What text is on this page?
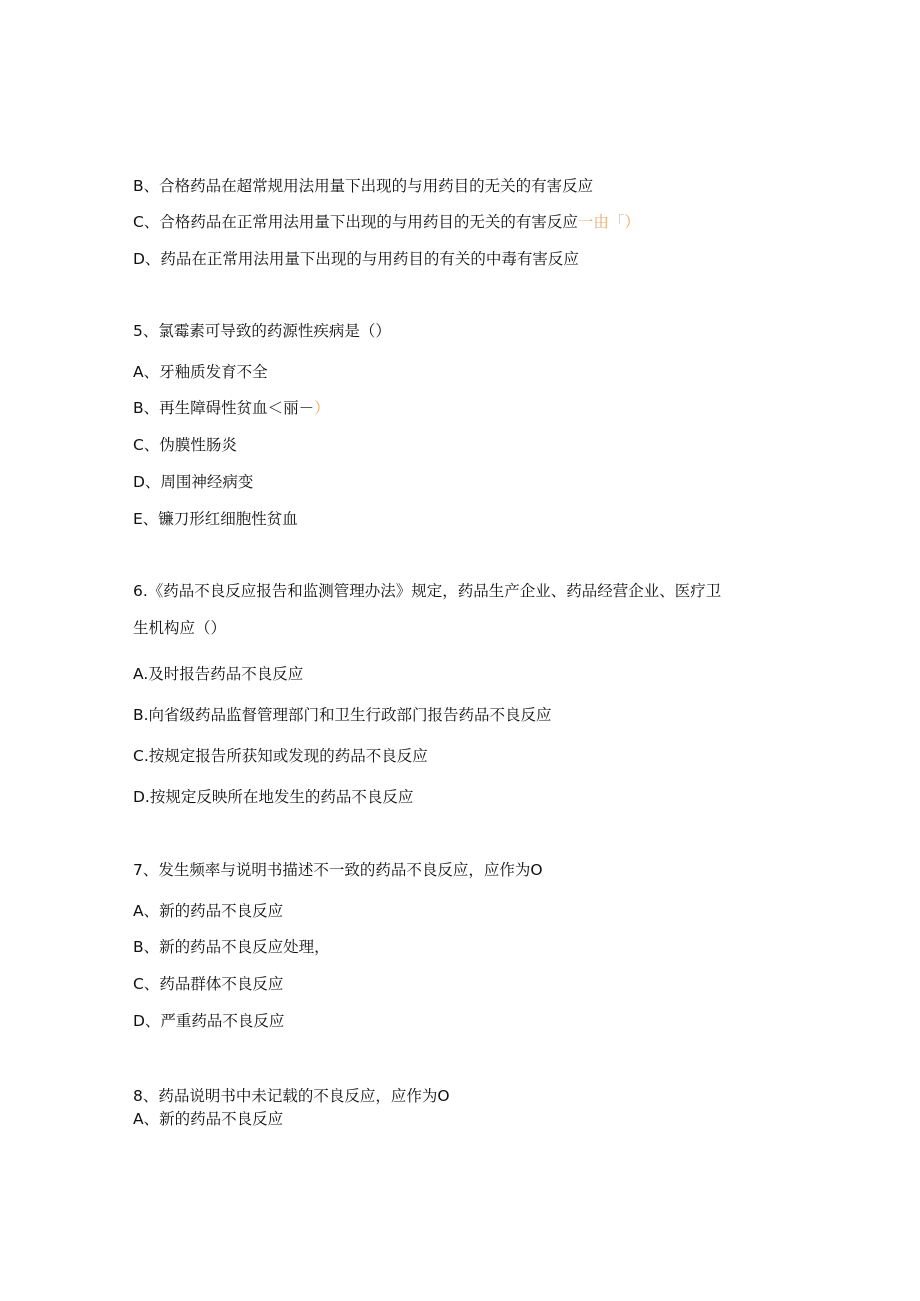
B、合格药品在超常规用法用量下出现的与用药目的无关的有害反应
C、合格药品在正常用法用量下出现的与用药目的无关的有害反应一由「）
D、药品在正常用法用量下出现的与用药目的有关的中毒有害反应
5、氯霉素可导致的药源性疾病是（）
A、牙釉质发育不全
B、再生障碍性贫血＜丽－）
C、伪膜性肠炎
D、周围神经病变
E、镰刀形红细胞性贫血
6.《药品不良反应报告和监测管理办法》规定，药品生产企业、药品经营企业、医疗卫
生机构应（）
A.及时报告药品不良反应
B.向省级药品监督管理部门和卫生行政部门报告药品不良反应
C.按规定报告所获知或发现的药品不良反应
D.按规定反映所在地发生的药品不良反应
7、发生频率与说明书描述不一致的药品不良反应，应作为O
A、新的药品不良反应
B、新的药品不良反应处理，
C、药品群体不良反应
D、严重药品不良反应
8、药品说明书中未记载的不良反应，应作为O
A、新的药品不良反应
